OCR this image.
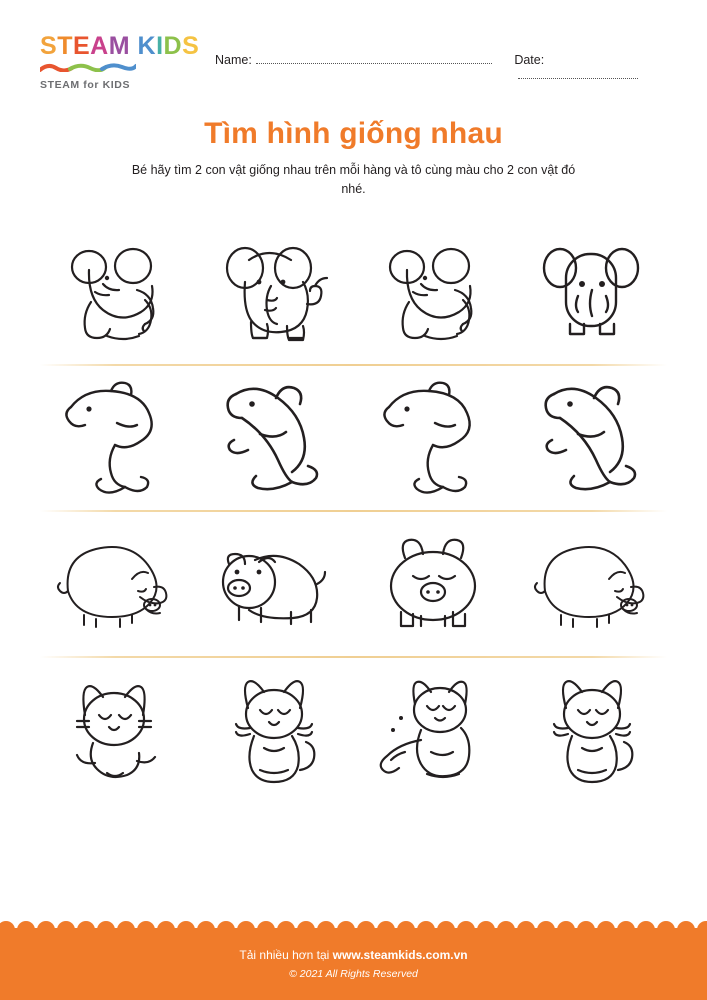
STEAM KIDS
STEAM for KIDS
Name:	Date:
Tìm hình giống nhau
Bé hãy tìm 2 con vật giống nhau trên mỗi hàng và tô cùng màu cho 2 con vật đó nhé.
Tải nhiều hơn tại www.steamkids.com.vn
© 2021 All Rights Reserved
